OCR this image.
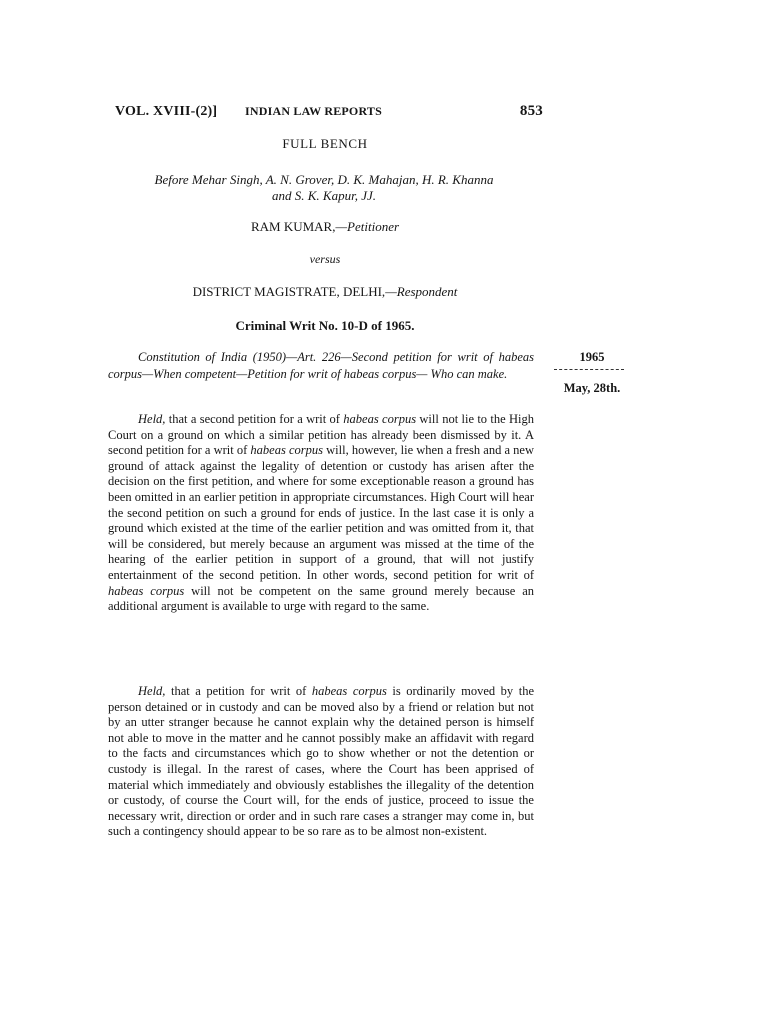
VOL. XVIII-(2)] INDIAN LAW REPORTS	853
FULL BENCH
Before Mehar Singh, A. N. Grover, D. K. Mahajan, H. R. Khanna
and S. K. Kapur, JJ.
RAM KUMAR,—Petitioner
versus
DISTRICT MAGISTRATE, DELHI,—Respondent
Criminal Writ No. 10-D of 1965.
Constitution of India (1950)—Art. 226—Second petition for writ of habeas corpus—When competent—Petition for writ of habeas corpus— Who can make.
1965
May, 28th.

Held, that a second petition for a writ of habeas corpus will not lie to the High Court on a ground on which a similar petition has already been dismissed by it. A second petition for a writ of habeas corpus will, however, lie when a fresh and a new ground of attack against the legality of detention or custody has arisen after the decision on the first petition, and where for some exceptionable reason a ground has been omitted in an earlier petition in appropriate circumstances. High Court will hear the second petition on such a ground for ends of justice. In the last case it is only a ground which existed at the time of the earlier petition and was omitted from it, that will be considered, but merely because an argument was missed at the time of the hearing of the earlier petition in support of a ground, that will not justify entertainment of the second petition. In other words, second petition for writ of habeas corpus will not be competent on the same ground merely because an additional argument is available to urge with regard to the same.

Held, that a petition for writ of habeas corpus is ordinarily moved by the person detained or in custody and can be moved also by a friend or relation but not by an utter stranger because he cannot explain why the detained person is himself not able to move in the matter and he cannot possibly make an affidavit with regard to the facts and circumstances which go to show whether or not the detention or custody is illegal. In the rarest of cases, where the Court has been apprised of material which immediately and obviously establishes the illegality of the detention or custody, of course the Court will, for the ends of justice, proceed to issue the necessary writ, direction or order and in such rare cases a stranger may come in, but such a contingency should appear to be so rare as to be almost non-existent.
